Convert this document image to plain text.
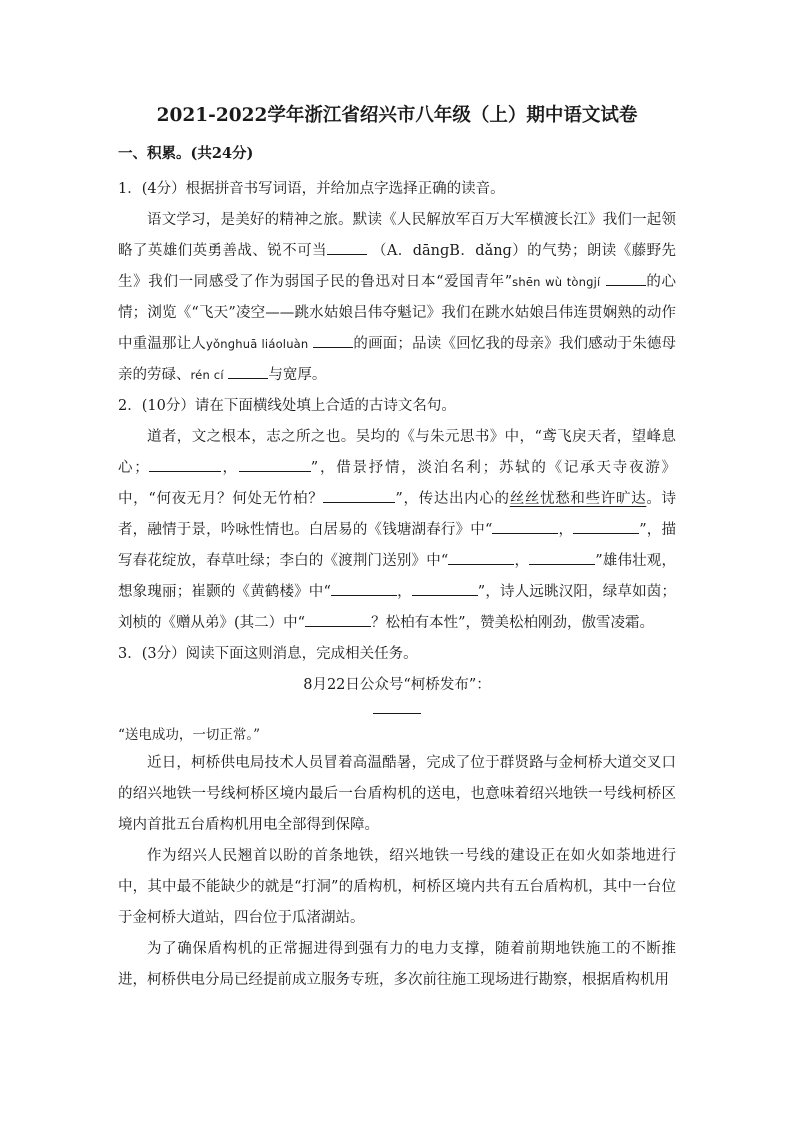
2021-2022学年浙江省绍兴市八年级（上）期中语文试卷
一、积累。(共24分)

1．(4分）根据拼音书写词语，并给加点字选择正确的读音。

语文学习，是美好的精神之旅。默读《人民解放军百万大军横渡长江》我们一起领略了英雄们英勇善战、锐不可当	（A．dānɡB．dǎnɡ）的气势；朗读《藤野先生》我们一同感受了作为弱国子民的鲁迅对日本“爱国青年”shēn wù tònɡjí	的心情；浏览《“飞天”凌空——跳水姑娘吕伟夺魁记》我们在跳水姑娘吕伟连贯娴熟的动作中重温那让人yǒnɡhuā liáoluàn	的画面；品读《回忆我的母亲》我们感动于朱德母亲的劳碌、rén cí	与宽厚。

2．(10分）请在下面横线处填上合适的古诗文名句。

道者，文之根本，志之所之也。吴均的《与朱元思书》中，“鸢飞戾天者，望峰息心；	，	”，借景抒情，淡泊名利；苏轼的《记承天寺夜游》中，“何夜无月？何处无竹柏？	”，传达出内心的丝丝忧愁和些许旷达。诗者，融情于景，吟咏性情也。白居易的《钱塘湖春行》中“	，	”，描写春花绽放，春草吐绿；李白的《渡荆门送别》中“	，	”雄伟壮观，想象瑰丽；崔颢的《黄鹤楼》中“	，	”，诗人远眺汉阳，绿草如茵；刘桢的《赠从弟》(其二）中“	？松柏有本性”，赞美松柏刚劲，傲雪凌霜。

3．(3分）阅读下面这则消息，完成相关任务。

8月22日公众号“柯桥发布”：

“送电成功，一切正常。”

近日，柯桥供电局技术人员冒着高温酷暑，完成了位于群贤路与金柯桥大道交叉口的绍兴地铁一号线柯桥区境内最后一台盾构机的送电，也意味着绍兴地铁一号线柯桥区境内首批五台盾构机用电全部得到保障。

作为绍兴人民翘首以盼的首条地铁，绍兴地铁一号线的建设正在如火如荼地进行中，其中最不能缺少的就是“打洞”的盾构机，柯桥区境内共有五台盾构机，其中一台位于金柯桥大道站，四台位于瓜渚湖站。

为了确保盾构机的正常掘进得到强有力的电力支撑，随着前期地铁施工的不断推进，柯桥供电分局已经提前成立服务专班，多次前往施工现场进行勘察，根据盾构机用
